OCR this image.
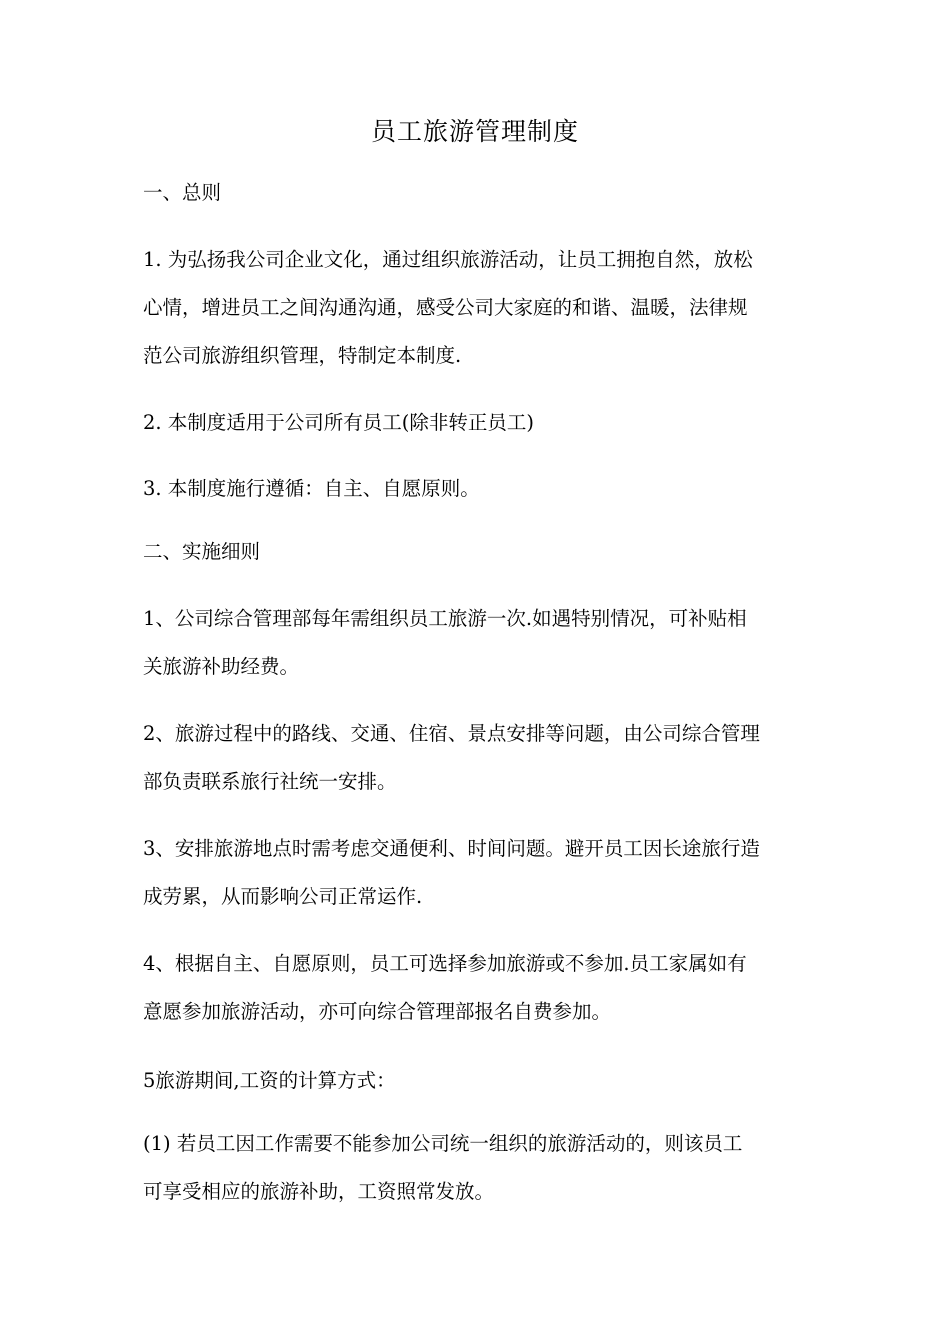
员工旅游管理制度
一、总则
1. 为弘扬我公司企业文化，通过组织旅游活动，让员工拥抱自然，放松
心情，增进员工之间沟通沟通，感受公司大家庭的和谐、温暖，法律规
范公司旅游组织管理，特制定本制度.
2. 本制度适用于公司所有员工(除非转正员工)
3. 本制度施行遵循：自主、自愿原则。
二、实施细则
1、公司综合管理部每年需组织员工旅游一次.如遇特别情况，可补贴相
关旅游补助经费。
2、旅游过程中的路线、交通、住宿、景点安排等问题，由公司综合管理
部负责联系旅行社统一安排。
3、安排旅游地点时需考虑交通便利、时间问题。避开员工因长途旅行造
成劳累，从而影响公司正常运作.
4、根据自主、自愿原则，员工可选择参加旅游或不参加.员工家属如有
意愿参加旅游活动，亦可向综合管理部报名自费参加。
5旅游期间,工资的计算方式：
(1) 若员工因工作需要不能参加公司统一组织的旅游活动的，则该员工
可享受相应的旅游补助，工资照常发放。
